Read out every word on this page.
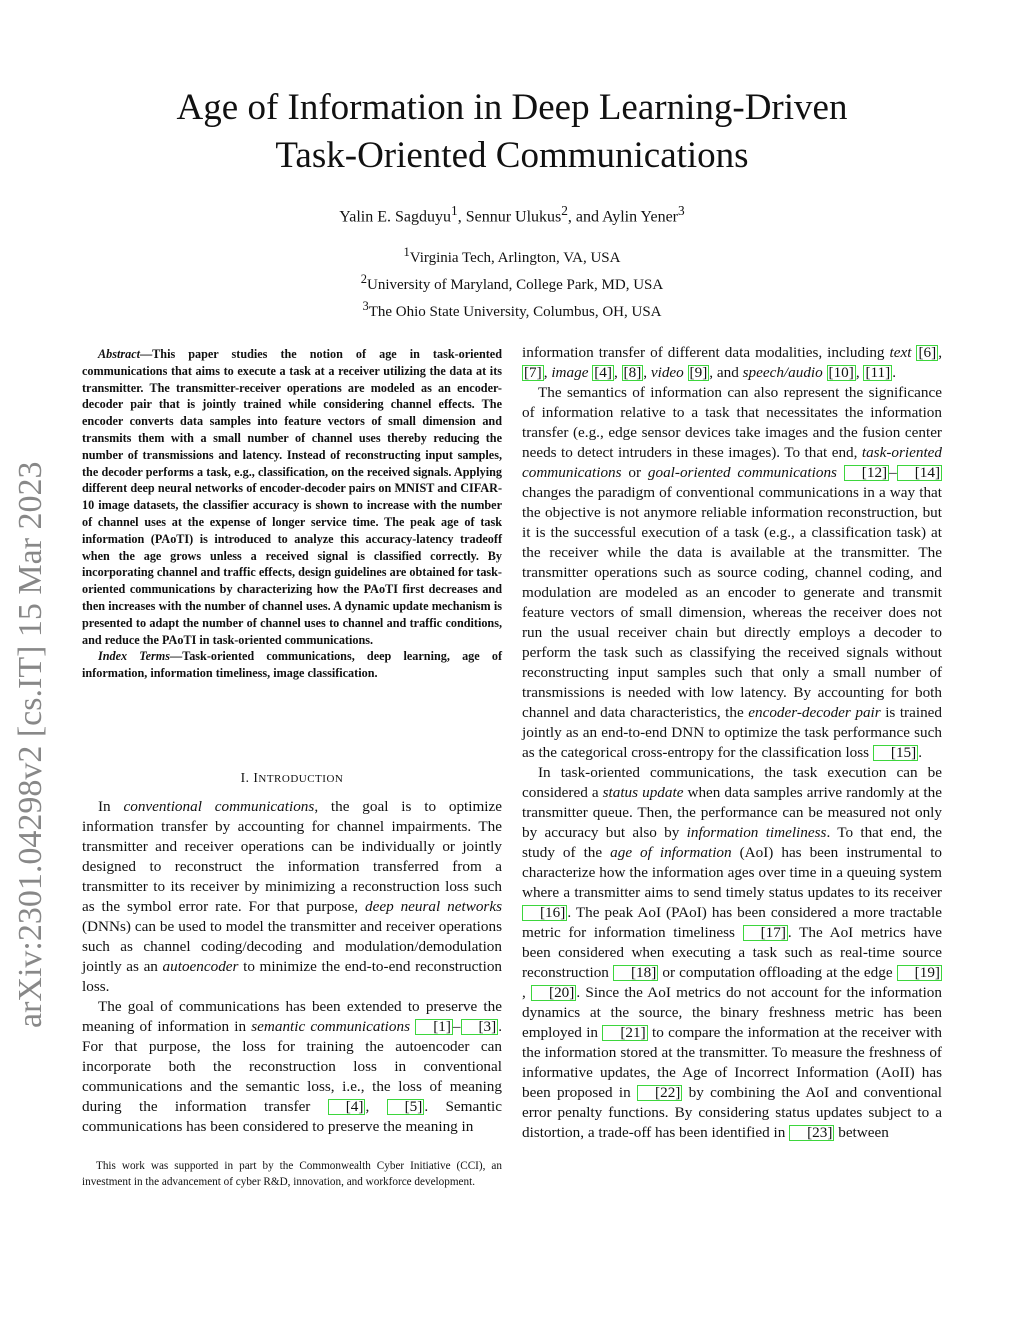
Age of Information in Deep Learning-Driven
Task-Oriented Communications
Yalin E. Sagduyu$^1$, Sennur Ulukus$^2$, and Aylin Yener$^3$
$^1$Virginia Tech, Arlington, VA, USA
$^2$University of Maryland, College Park, MD, USA
$^3$The Ohio State University, Columbus, OH, USA
arXiv:2301.04298v2 [cs.IT] 15 Mar 2023

Abstract—This paper studies the notion of age in task-oriented communications that aims to execute a task at a receiver utilizing the data at its transmitter. The transmitter-receiver operations are modeled as an encoder-decoder pair that is jointly trained while considering channel effects. The encoder converts data samples into feature vectors of small dimension and transmits them with a small number of channel uses thereby reducing the number of transmissions and latency. Instead of reconstructing input samples, the decoder performs a task, e.g., classification, on the received signals. Applying different deep neural networks of encoder-decoder pairs on MNIST and CIFAR-10 image datasets, the classifier accuracy is shown to increase with the number of channel uses at the expense of longer service time. The peak age of task information (PAoTI) is introduced to analyze this accuracy-latency tradeoff when the age grows unless a received signal is classified correctly. By incorporating channel and traffic effects, design guidelines are obtained for task-oriented communications by characterizing how the PAoTI first decreases and then increases with the number of channel uses. A dynamic update mechanism is presented to adapt the number of channel uses to channel and traffic conditions, and reduce the PAoTI in task-oriented communications.

Index Terms—Task-oriented communications, deep learning, age of information, information timeliness, image classification.

I. INTRODUCTION

In conventional communications, the goal is to optimize information transfer by accounting for channel impairments. The transmitter and receiver operations can be individually or jointly designed to reconstruct the information transferred from a transmitter to its receiver by minimizing a reconstruction loss such as the symbol error rate. For that purpose, deep neural networks (DNNs) can be used to model the transmitter and receiver operations such as channel coding/decoding and modulation/demodulation jointly as an autoencoder to minimize the end-to-end reconstruction loss.

The goal of communications has been extended to preserve the meaning of information in semantic communications [1] – [3] . For that purpose, the loss for training the autoencoder can incorporate both the reconstruction loss in conventional communications and the semantic loss, i.e., the loss of meaning during the information transfer [4] , [5] . Semantic communications has been considered to preserve the meaning in

This work was supported in part by the Commonwealth Cyber Initiative (CCI), an investment in the advancement of cyber R&D, innovation, and workforce development.

information transfer of different data modalities, including text [6] , [7] , image [4] , [8] , video [9] , and speech/audio [10] , [11] .

The semantics of information can also represent the significance of information relative to a task that necessitates the information transfer (e.g., edge sensor devices take images and the fusion center needs to detect intruders in these images). To that end, task-oriented communications or goal-oriented communications [12] – [14] changes the paradigm of conventional communications in a way that the objective is not anymore reliable information reconstruction, but it is the successful execution of a task (e.g., a classification task) at the receiver while the data is available at the transmitter. The transmitter operations such as source coding, channel coding, and modulation are modeled as an encoder to generate and transmit feature vectors of small dimension, whereas the receiver does not run the usual receiver chain but directly employs a decoder to perform the task such as classifying the received signals without reconstructing input samples such that only a small number of transmissions is needed with low latency. By accounting for both channel and data characteristics, the encoder-decoder pair is trained jointly as an end-to-end DNN to optimize the task performance such as the categorical cross-entropy for the classification loss [15] .

In task-oriented communications, the task execution can be considered a status update when data samples arrive randomly at the transmitter queue. Then, the performance can be measured not only by accuracy but also by information timeliness. To that end, the study of the age of information (AoI) has been instrumental to characterize how the information ages over time in a queuing system where a transmitter aims to send timely status updates to its receiver [16] . The peak AoI (PAoI) has been considered a more tractable metric for information timeliness [17] . The AoI metrics have been considered when executing a task such as real-time source reconstruction [18] or computation offloading at the edge [19], [20] . Since the AoI metrics do not account for the information dynamics at the source, the binary freshness metric has been employed in [21] to compare the information at the receiver with the information stored at the transmitter. To measure the freshness of informative updates, the Age of Incorrect Information (AoII) has been proposed in [22] by combining the AoI and conventional error penalty functions. By considering status updates subject to a distortion, a trade-off has been identified in [23] between
